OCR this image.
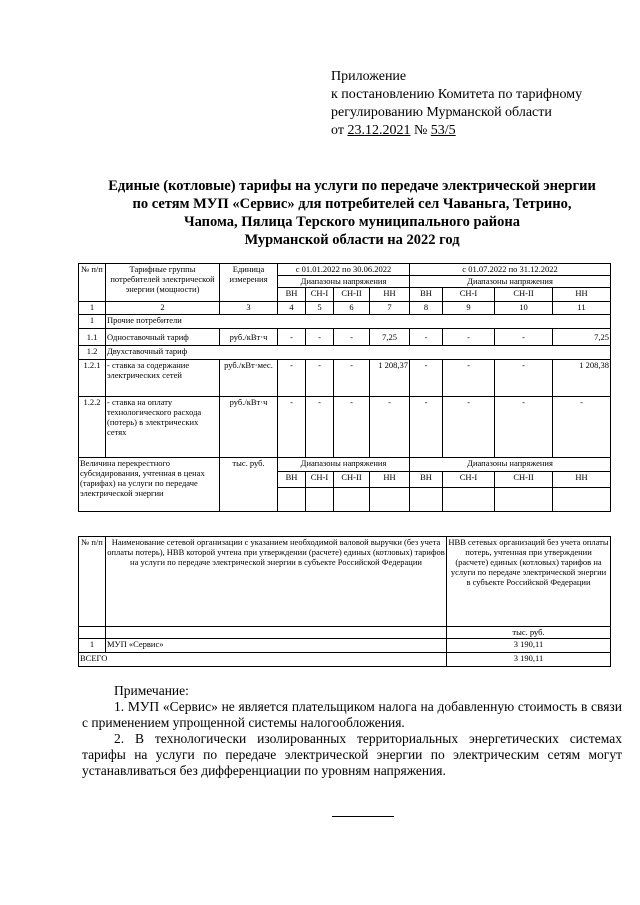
Приложение
к постановлению Комитета по тарифному
регулированию Мурманской области
от 23.12.2021 № 53/5
Единые (котловые) тарифы на услуги по передаче электрической энергии
по сетям МУП «Сервис» для потребителей сел Чаваньга, Тетрино,
Чапома, Пялица Терского муниципального района
Мурманской области на 2022 год
№ п/п	Тарифные группы потребителей электрической энергии (мощности)	Единица измерения	с 01.01.2022 по 30.06.2022				с 01.07.2022 по 31.12.2022			
			Диапазоны напряжения				Диапазоны напряжения			
			ВН	СН-I	СН-II	НН	ВН	СН-I	СН-II	НН
1	2	3	4	5	6	7	8	9	10	11
1	Прочие потребители									
1.1	Одноставочный тариф	руб./кВт·ч	-	-	-	7,25	-	-	-	7,25
1.2	Двухставочный тариф									
1.2.1	- ставка за содержание электрических сетей	руб./кВт·мес.	-	-	-	1 208,37	-	-	-	1 208,38
1.2.2	- ставка на оплату технологического расхода (потерь) в электрических сетях	руб./кВт·ч	-	-	-	-	-	-	-	-
Величина перекрестного субсидирования, учтенная в ценах (тарифах) на услуги по передаче электрической энергии		тыс. руб.	Диапазоны напряжения				Диапазоны напряжения			
			ВН	СН-I	СН-II	НН	ВН	СН-I	СН-II	НН

№ п/п	Наименование сетевой организации с указанием необходимой валовой выручки (без учета оплаты потерь), НВВ которой учтена при утверждении (расчете) единых (котловых) тарифов на услуги по передаче электрической энергии в субъекте Российской Федерации	НВВ сетевых организаций без учета оплаты потерь, учтенная при утверждении (расчете) единых (котловых) тарифов на услуги по передаче электрической энергии в субъекте Российской Федерации
		тыс. руб.
1	МУП «Сервис»	3 190,11
ВСЕГО		3 190,11

Примечание:

1. МУП «Сервис» не является плательщиком налога на добавленную стоимость в связи с применением упрощенной системы налогообложения.

2. В технологически изолированных территориальных энергетических системах тарифы на услуги по передаче электрической энергии по электрическим сетям могут устанавливаться без дифференциации по уровням напряжения.
